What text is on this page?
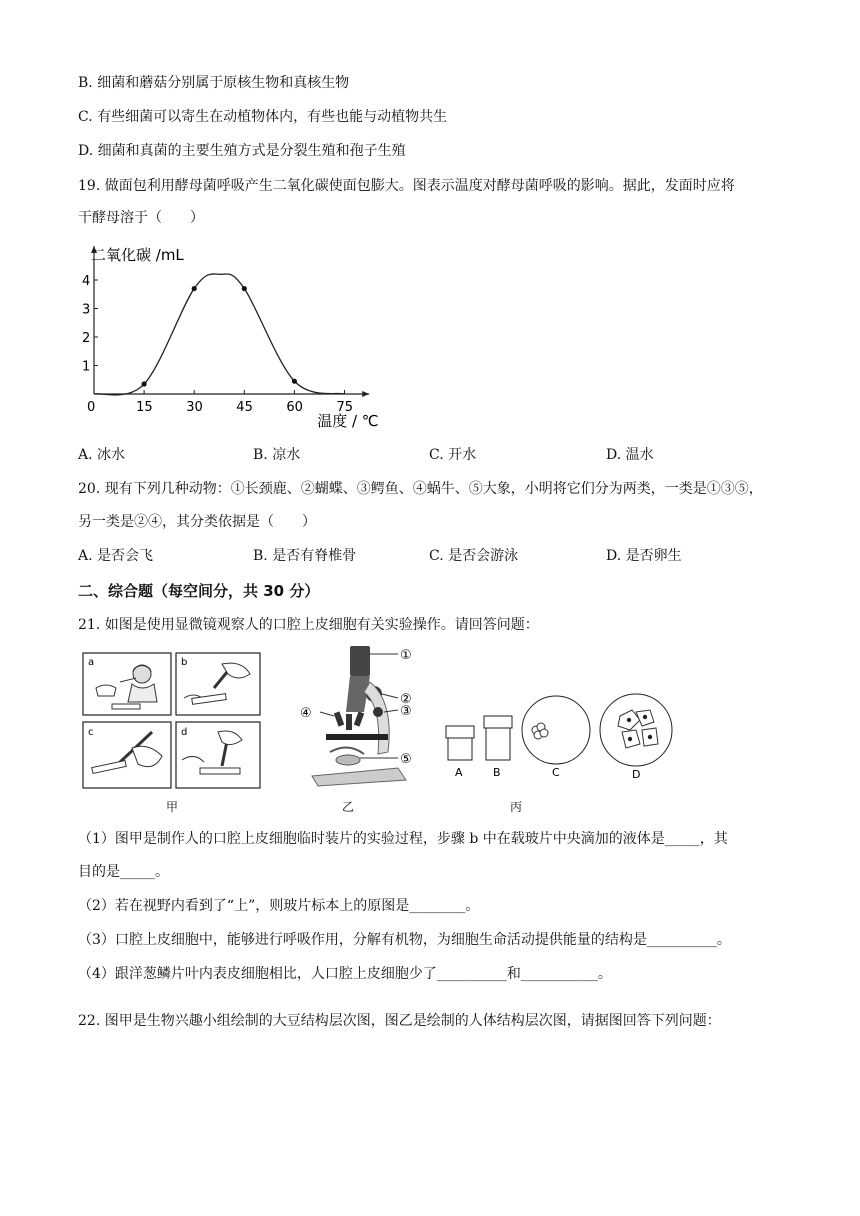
B. 细菌和蘑菇分别属于原核生物和真核生物
C. 有些细菌可以寄生在动植物体内，有些也能与动植物共生
D. 细菌和真菌的主要生殖方式是分裂生殖和孢子生殖
19. 做面包利用酵母菌呼吸产生二氧化碳使面包膨大。图表示温度对酵母菌呼吸的影响。据此，发面时应将
干酵母溶于（　　）
1
2
3
4
0	15	30	45	60	75
二氧化碳 /mL
温度 / ℃
A. 冰水	B. 凉水	C. 开水	D. 温水
20. 现有下列几种动物：①长颈鹿、②蝴蝶、③鳄鱼、④蜗牛、⑤大象，小明将它们分为两类，一类是①③⑤，
另一类是②④，其分类依据是（　　）
A. 是否会飞	B. 是否有脊椎骨	C. 是否会游泳	D. 是否卵生
二、综合题（每空间分，共 30 分）
21. 如图是使用显微镜观察人的口腔上皮细胞有关实验操作。请回答问题：
a	b
c	d
①
②
③
④
⑤
A	B	C	D
甲	乙	丙
（1）图甲是制作人的口腔上皮细胞临时装片的实验过程，步骤 b 中在载玻片中央滴加的液体是_____，其
目的是_____。
（2）若在视野内看到了“上”，则玻片标本上的原图是________。
（3）口腔上皮细胞中，能够进行呼吸作用，分解有机物，为细胞生命活动提供能量的结构是__________。
（4）跟洋葱鳞片叶内表皮细胞相比，人口腔上皮细胞少了__________和___________。
22. 图甲是生物兴趣小组绘制的大豆结构层次图，图乙是绘制的人体结构层次图，请据图回答下列问题：
